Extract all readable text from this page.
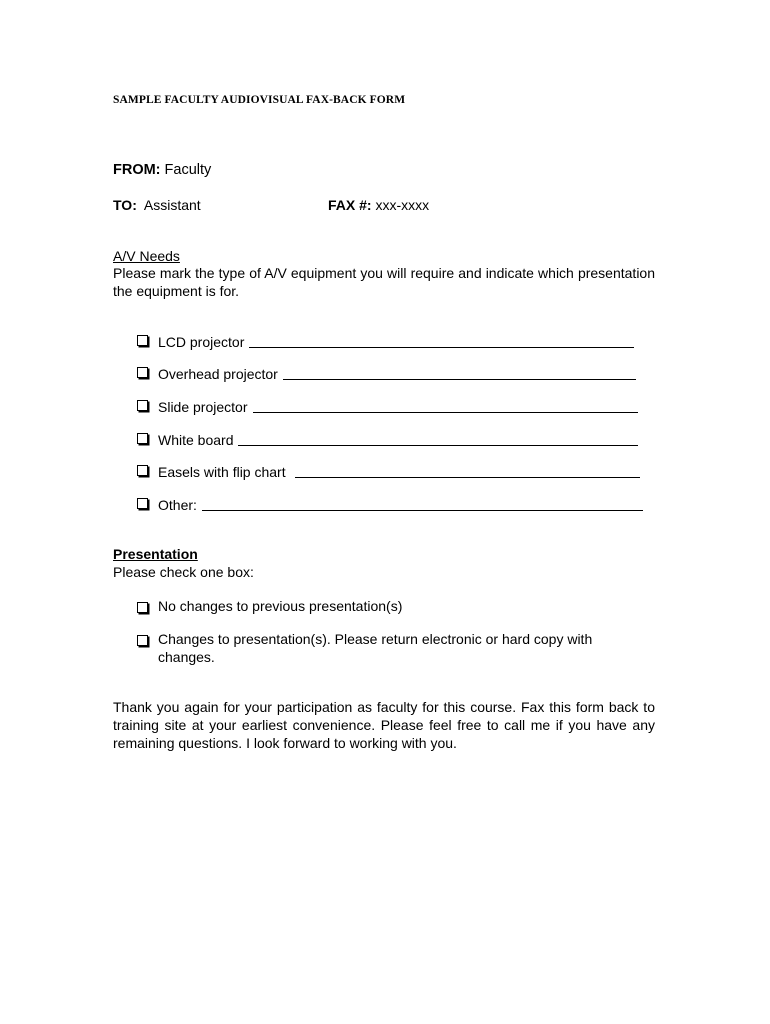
SAMPLE FACULTY AUDIOVISUAL FAX-BACK FORM
FROM: Faculty
TO: Assistant	FAX #: xxx-xxxx
A/V Needs
Please mark the type of A/V equipment you will require and indicate which presentation the equipment is for.
LCD projector
Overhead projector
Slide projector
White board
Easels with flip chart
Other:
Presentation
Please check one box:
No changes to previous presentation(s)
Changes to presentation(s). Please return electronic or hard copy with changes.
Thank you again for your participation as faculty for this course. Fax this form back to training site at your earliest convenience. Please feel free to call me if you have any remaining questions. I look forward to working with you.
